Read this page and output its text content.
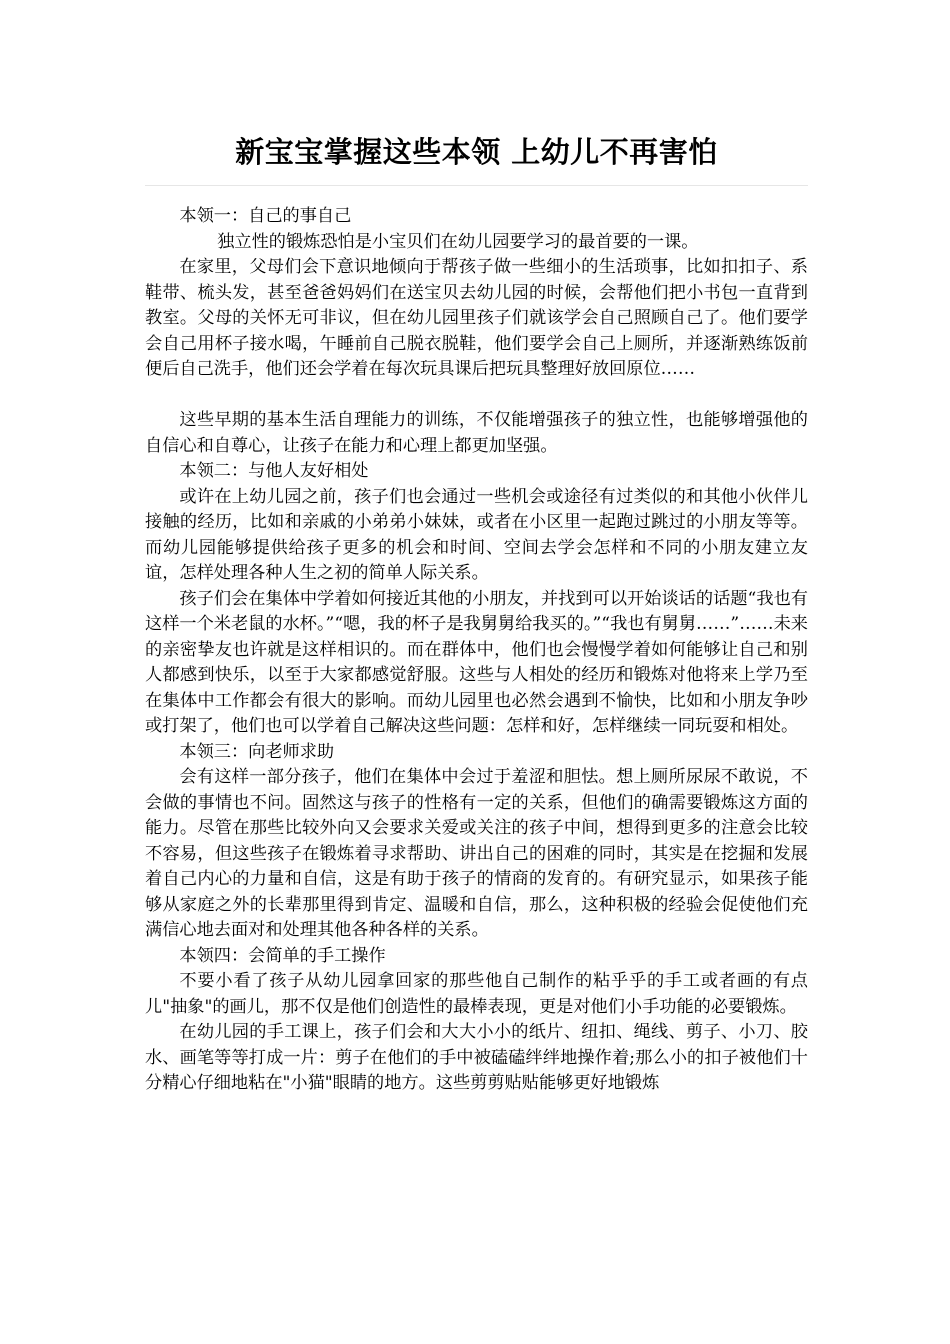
新宝宝掌握这些本领 上幼儿不再害怕

本领一：自己的事自己

独立性的锻炼恐怕是小宝贝们在幼儿园要学习的最首要的一课。

在家里，父母们会下意识地倾向于帮孩子做一些细小的生活琐事，比如扣扣子、系鞋带、梳头发，甚至爸爸妈妈们在送宝贝去幼儿园的时候，会帮他们把小书包一直背到教室。父母的关怀无可非议，但在幼儿园里孩子们就该学会自己照顾自己了。他们要学会自己用杯子接水喝，午睡前自己脱衣脱鞋，他们要学会自己上厕所，并逐渐熟练饭前便后自己洗手，他们还会学着在每次玩具课后把玩具整理好放回原位……

这些早期的基本生活自理能力的训练，不仅能增强孩子的独立性，也能够增强他的自信心和自尊心，让孩子在能力和心理上都更加坚强。

本领二：与他人友好相处

或许在上幼儿园之前，孩子们也会通过一些机会或途径有过类似的和其他小伙伴儿接触的经历，比如和亲戚的小弟弟小妹妹，或者在小区里一起跑过跳过的小朋友等等。而幼儿园能够提供给孩子更多的机会和时间、空间去学会怎样和不同的小朋友建立友谊，怎样处理各种人生之初的简单人际关系。

孩子们会在集体中学着如何接近其他的小朋友，并找到可以开始谈话的话题“我也有这样一个米老鼠的水杯。”“嗯，我的杯子是我舅舅给我买的。”“我也有舅舅……”……未来的亲密挚友也许就是这样相识的。而在群体中，他们也会慢慢学着如何能够让自己和别人都感到快乐，以至于大家都感觉舒服。这些与人相处的经历和锻炼对他将来上学乃至在集体中工作都会有很大的影响。而幼儿园里也必然会遇到不愉快，比如和小朋友争吵或打架了，他们也可以学着自己解决这些问题：怎样和好，怎样继续一同玩耍和相处。

本领三：向老师求助

会有这样一部分孩子，他们在集体中会过于羞涩和胆怯。想上厕所尿尿不敢说，不会做的事情也不问。固然这与孩子的性格有一定的关系，但他们的确需要锻炼这方面的能力。尽管在那些比较外向又会要求关爱或关注的孩子中间，想得到更多的注意会比较不容易，但这些孩子在锻炼着寻求帮助、讲出自己的困难的同时，其实是在挖掘和发展着自己内心的力量和自信，这是有助于孩子的情商的发育的。有研究显示，如果孩子能够从家庭之外的长辈那里得到肯定、温暖和自信，那么，这种积极的经验会促使他们充满信心地去面对和处理其他各种各样的关系。

本领四：会简单的手工操作

不要小看了孩子从幼儿园拿回家的那些他自己制作的粘乎乎的手工或者画的有点儿"抽象"的画儿，那不仅是他们创造性的最棒表现，更是对他们小手功能的必要锻炼。

在幼儿园的手工课上，孩子们会和大大小小的纸片、纽扣、绳线、剪子、小刀、胶水、画笔等等打成一片：剪子在他们的手中被磕磕绊绊地操作着;那么小的扣子被他们十分精心仔细地粘在"小猫"眼睛的地方。这些剪剪贴贴能够更好地锻炼
